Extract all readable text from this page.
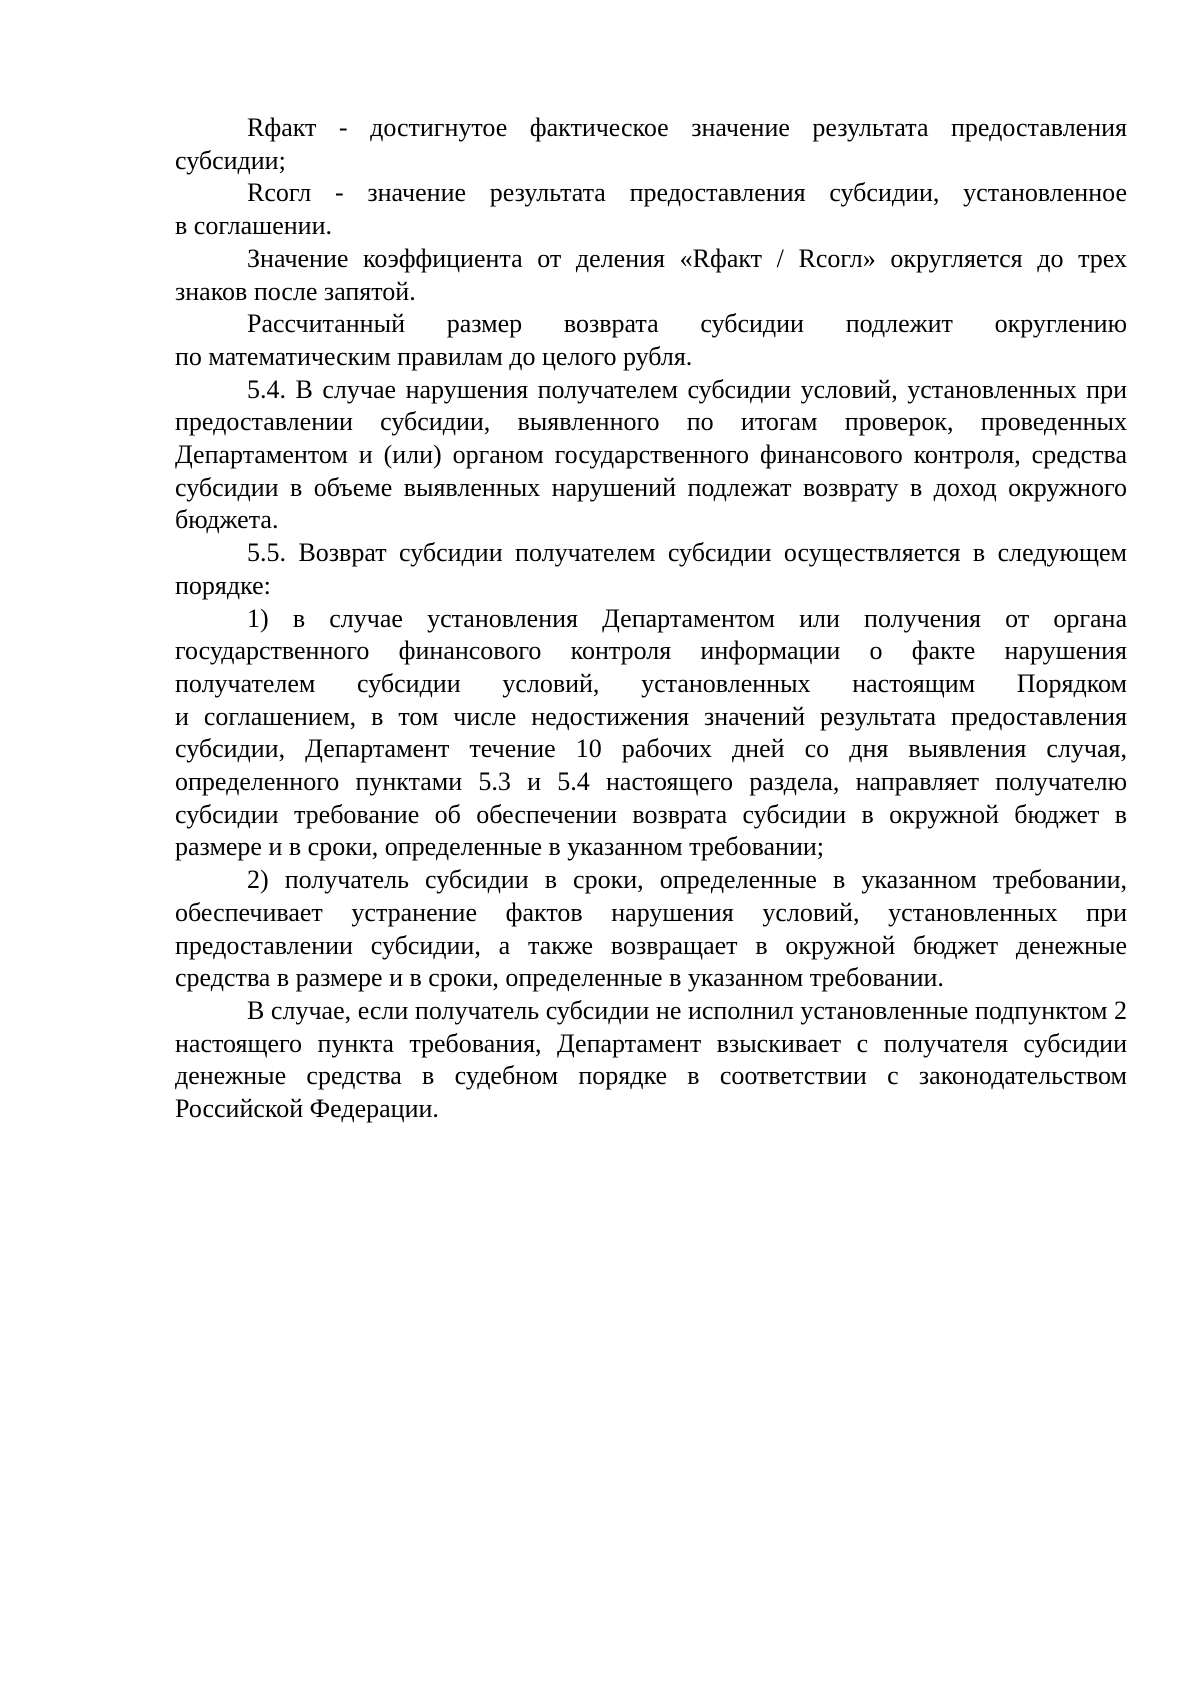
Rфакт - достигнутое фактическое значение результата предоставления субсидии;

Rсогл - значение результата предоставления субсидии, установленное в соглашении.

Значение коэффициента от деления «Rфакт / Rсогл» округляется до трех знаков после запятой.

Рассчитанный размер возврата субсидии подлежит округлению по математическим правилам до целого рубля.

5.4. В случае нарушения получателем субсидии условий, установленных при предоставлении субсидии, выявленного по итогам проверок, проведенных Департаментом и (или) органом государственного финансового контроля, средства субсидии в объеме выявленных нарушений подлежат возврату в доход окружного бюджета.

5.5. Возврат субсидии получателем субсидии осуществляется в следующем порядке:

1) в случае установления Департаментом или получения от органа государственного финансового контроля информации о факте нарушения получателем субсидии условий, установленных настоящим Порядком и соглашением, в том числе недостижения значений результата предоставления субсидии, Департамент течение 10 рабочих дней со дня выявления случая, определенного пунктами 5.3 и 5.4 настоящего раздела, направляет получателю субсидии требование об обеспечении возврата субсидии в окружной бюджет в размере и в сроки, определенные в указанном требовании;

2) получатель субсидии в сроки, определенные в указанном требовании, обеспечивает устранение фактов нарушения условий, установленных при предоставлении субсидии, а также возвращает в окружной бюджет денежные средства в размере и в сроки, определенные в указанном требовании.

В случае, если получатель субсидии не исполнил установленные подпунктом 2 настоящего пункта требования, Департамент взыскивает с получателя субсидии денежные средства в судебном порядке в соответствии с законодательством Российской Федерации.
